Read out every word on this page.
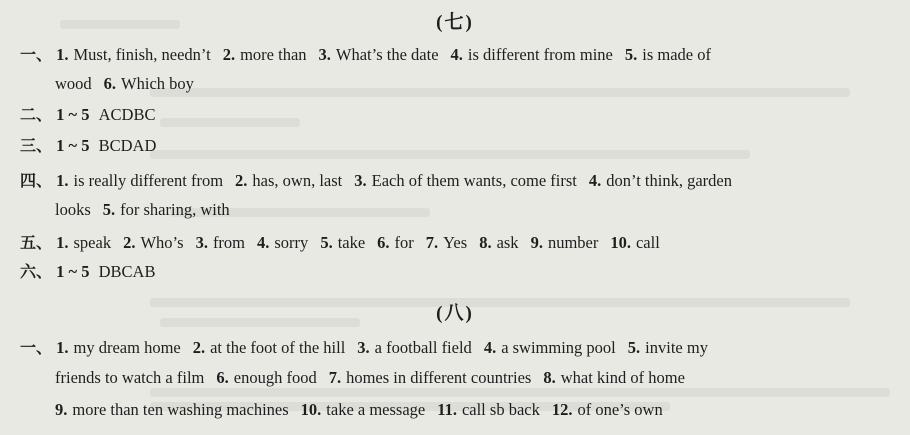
(七)
一、 1. Must, finish, needn’t 2. more than 3. What’s the date 4. is different from mine 5. is made of
wood 6. Which boy
二、 1 ~ 5 ACDBC
三、 1 ~ 5 BCDAD
四、 1. is really different from 2. has, own, last 3. Each of them wants, come first 4. don’t think, garden
looks 5. for sharing, with
五、 1. speak 2. Who’s 3. from 4. sorry 5. take 6. for 7. Yes 8. ask 9. number 10. call
六、 1 ~ 5 DBCAB
(八)
一、 1. my dream home 2. at the foot of the hill 3. a football field 4. a swimming pool 5. invite my
friends to watch a film 6. enough food 7. homes in different countries 8. what kind of home
9. more than ten washing machines 10. take a message 11. call sb back 12. of one’s own
